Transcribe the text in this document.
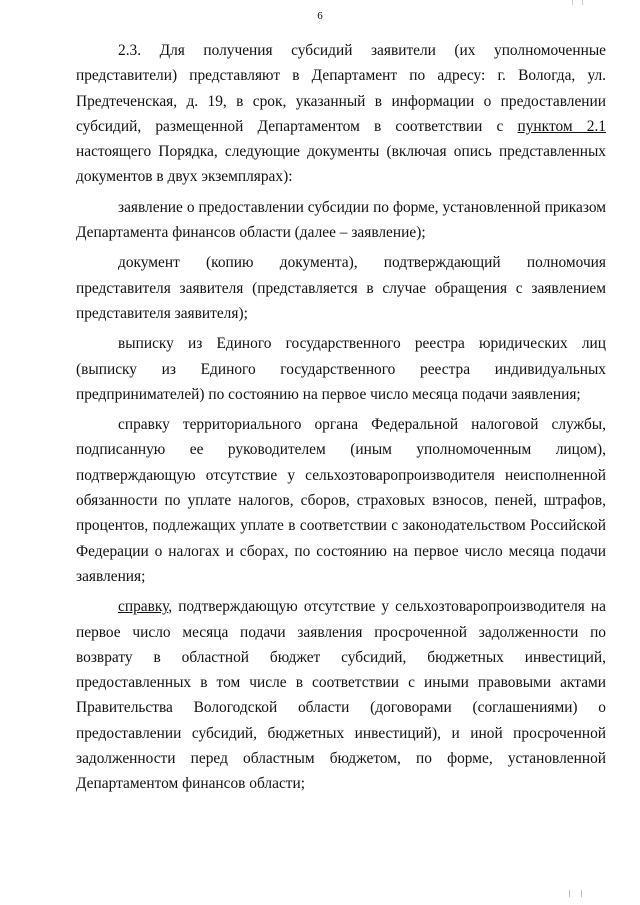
6

2.3. Для получения субсидий заявители (их уполномоченные представители) представляют в Департамент по адресу: г. Вологда, ул. Предтеченская, д. 19, в срок, указанный в информации о предоставлении субсидий, размещенной Департаментом в соответствии с пунктом 2.1 настоящего Порядка, следующие документы (включая опись представленных документов в двух экземплярах):

заявление о предоставлении субсидии по форме, установленной приказом Департамента финансов области (далее – заявление);

документ (копию документа), подтверждающий полномочия представителя заявителя (представляется в случае обращения с заявлением представителя заявителя);

выписку из Единого государственного реестра юридических лиц (выписку из Единого государственного реестра индивидуальных предпринимателей) по состоянию на первое число месяца подачи заявления;

справку территориального органа Федеральной налоговой службы, подписанную ее руководителем (иным уполномоченным лицом), подтверждающую отсутствие у сельхозтоваропроизводителя неисполненной обязанности по уплате налогов, сборов, страховых взносов, пеней, штрафов, процентов, подлежащих уплате в соответствии с законодательством Российской Федерации о налогах и сборах, по состоянию на первое число месяца подачи заявления;

справку, подтверждающую отсутствие у сельхозтоваропроизводителя на первое число месяца подачи заявления просроченной задолженности по возврату в областной бюджет субсидий, бюджетных инвестиций, предоставленных в том числе в соответствии с иными правовыми актами Правительства Вологодской области (договорами (соглашениями) о предоставлении субсидий, бюджетных инвестиций), и иной просроченной задолженности перед областным бюджетом, по форме, установленной Департаментом финансов области;
